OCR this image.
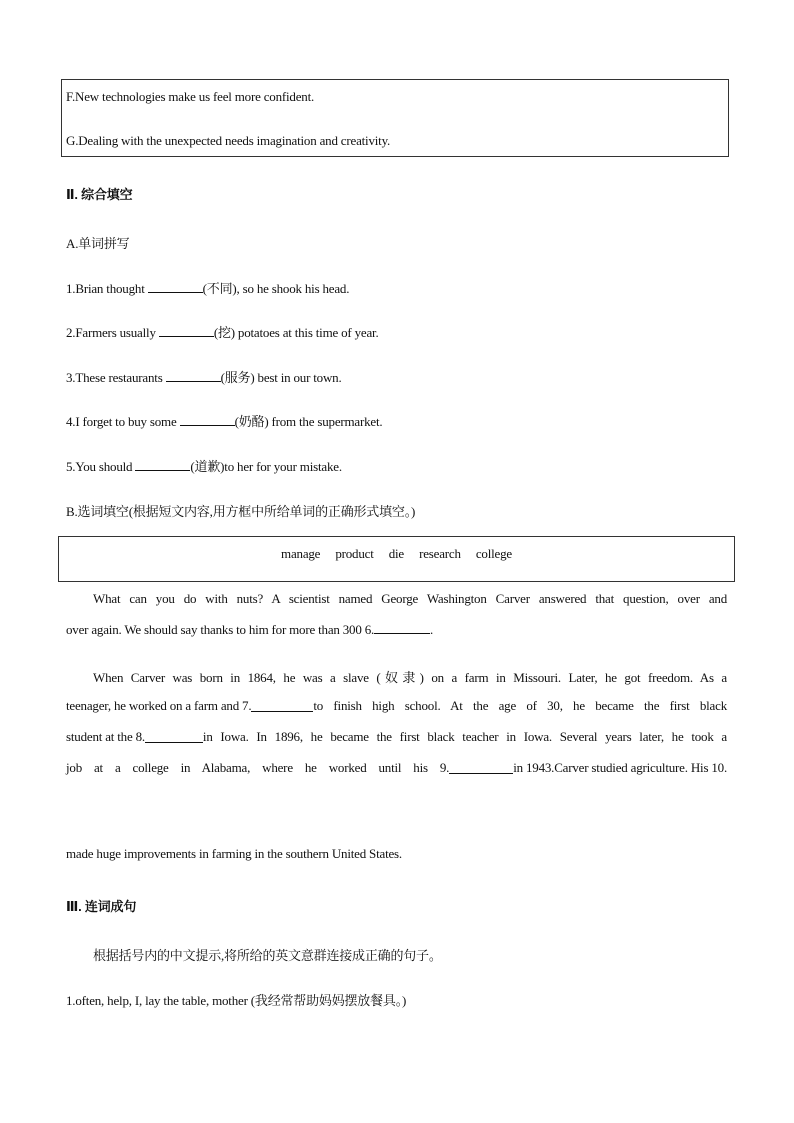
F.New technologies make us feel more confident.
G.Dealing with the unexpected needs imagination and creativity.
Ⅱ. 综合填空
A.单词拼写
1.Brian thought	(不同), so he shook his head.
2.Farmers usually	(挖) potatoes at this time of year.
3.These restaurants	(服务) best in our town.
4.I forget to buy some	(奶酪) from the supermarket.
5.You should	(道歉)to her for your mistake.
B.选词填空(根据短文内容,用方框中所给单词的正确形式填空。)
manage product die research college
What can you do with nuts? A scientist named George Washington Carver answered that question, over and
over again. We should say thanks to him for more than 300 6.	.
When Carver was born in 1864, he was a slave (奴隶) on a farm in Missouri. Later, he got freedom. As a
teenager, he worked on a farm and 7.	to finish high school. At the age of 30, he became the first black
student at the 8.	in Iowa. In 1896, he became the first black teacher in Iowa. Several years later, he took a
job at a college in Alabama, where he worked until his 9.	in 1943.Carver studied agriculture. His 10.
made huge improvements in farming in the southern United States.
Ⅲ. 连词成句
根据括号内的中文提示,将所给的英文意群连接成正确的句子。
1.often, help, I, lay the table, mother (我经常帮助妈妈摆放餐具。)
